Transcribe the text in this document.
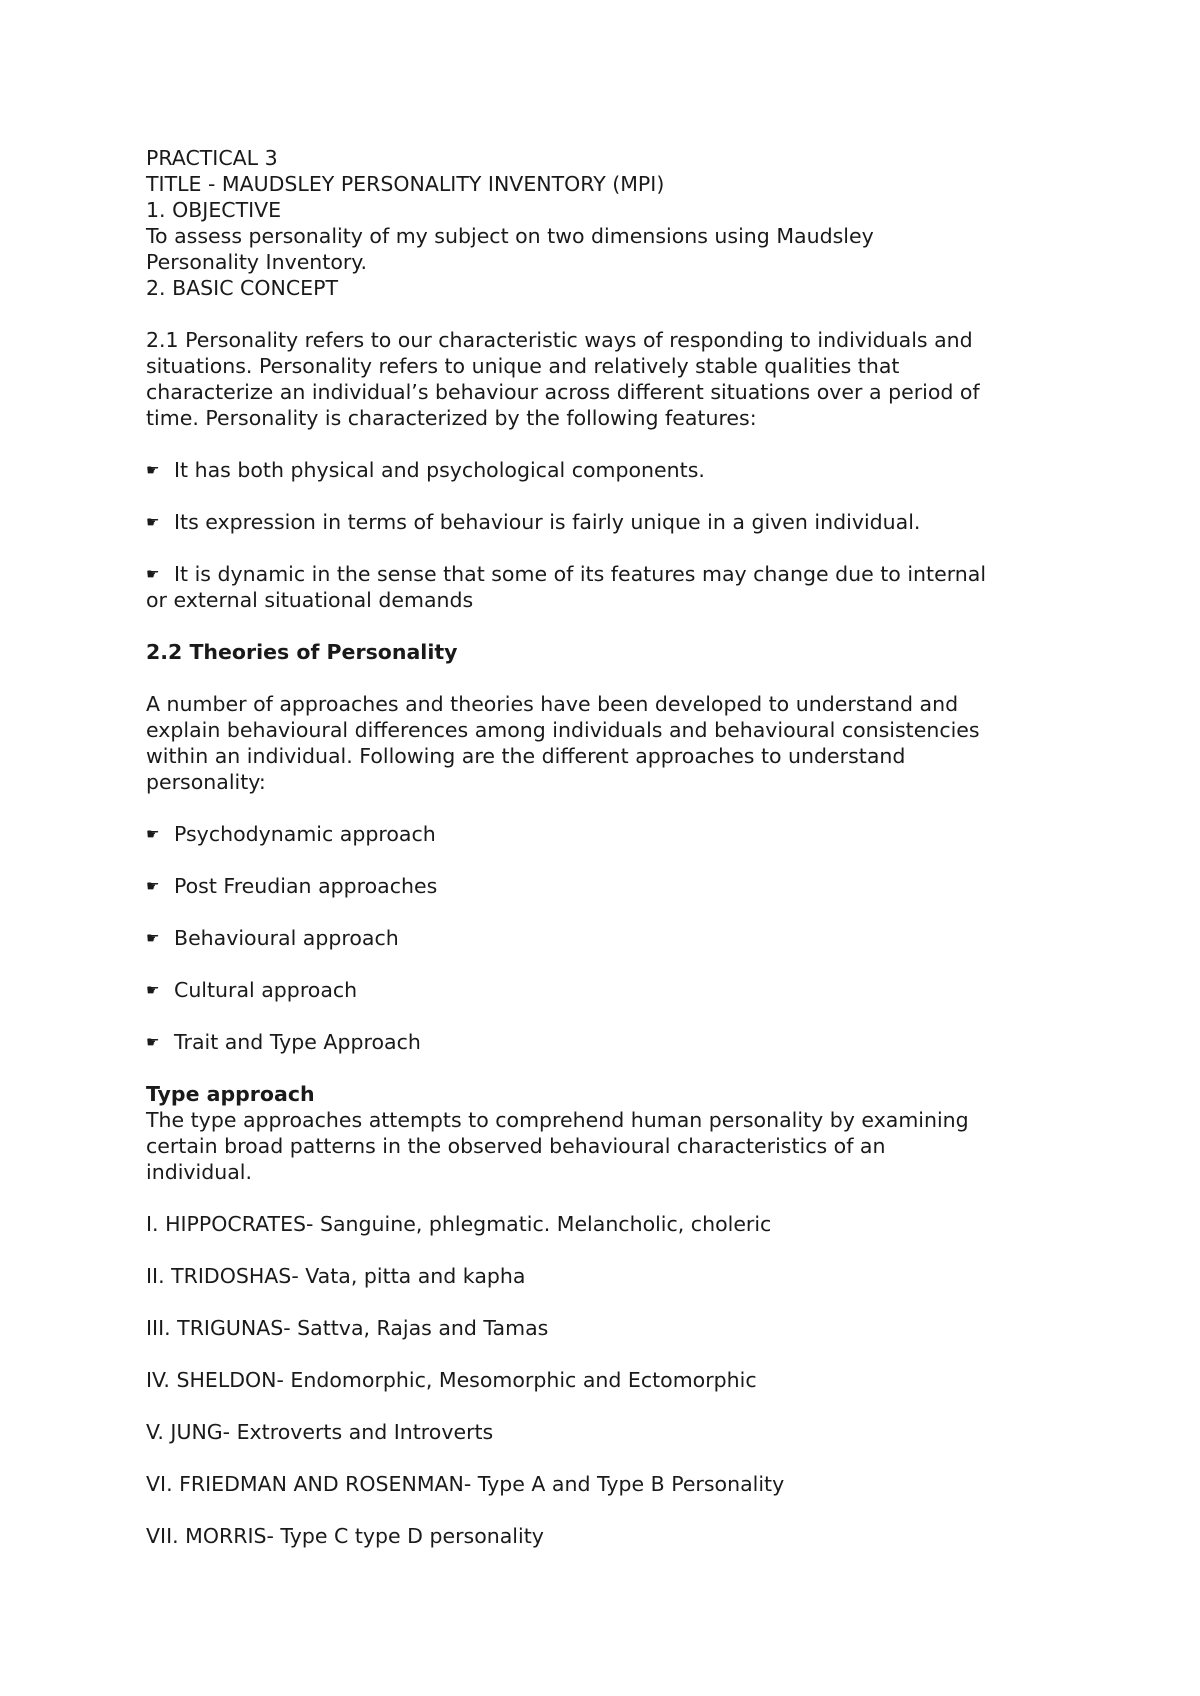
PRACTICAL 3
TITLE - MAUDSLEY PERSONALITY INVENTORY (MPI)
1. OBJECTIVE
To assess personality of my subject on two dimensions using Maudsley
Personality Inventory.
2. BASIC CONCEPT
2.1 Personality refers to our characteristic ways of responding to individuals and
situations. Personality refers to unique and relatively stable qualities that
characterize an individual’s behaviour across different situations over a period of
time. Personality is characterized by the following features:
☛ It has both physical and psychological components.
☛ Its expression in terms of behaviour is fairly unique in a given individual.
☛ It is dynamic in the sense that some of its features may change due to internal
or external situational demands
2.2 Theories of Personality
A number of approaches and theories have been developed to understand and
explain behavioural differences among individuals and behavioural consistencies
within an individual. Following are the different approaches to understand
personality:
☛ Psychodynamic approach
☛ Post Freudian approaches
☛ Behavioural approach
☛ Cultural approach
☛ Trait and Type Approach
Type approach
The type approaches attempts to comprehend human personality by examining
certain broad patterns in the observed behavioural characteristics of an
individual.
I. HIPPOCRATES- Sanguine, phlegmatic. Melancholic, choleric
II. TRIDOSHAS- Vata, pitta and kapha
III. TRIGUNAS- Sattva, Rajas and Tamas
IV. SHELDON- Endomorphic, Mesomorphic and Ectomorphic
V. JUNG- Extroverts and Introverts
VI. FRIEDMAN AND ROSENMAN- Type A and Type B Personality
VII. MORRIS- Type C type D personality
